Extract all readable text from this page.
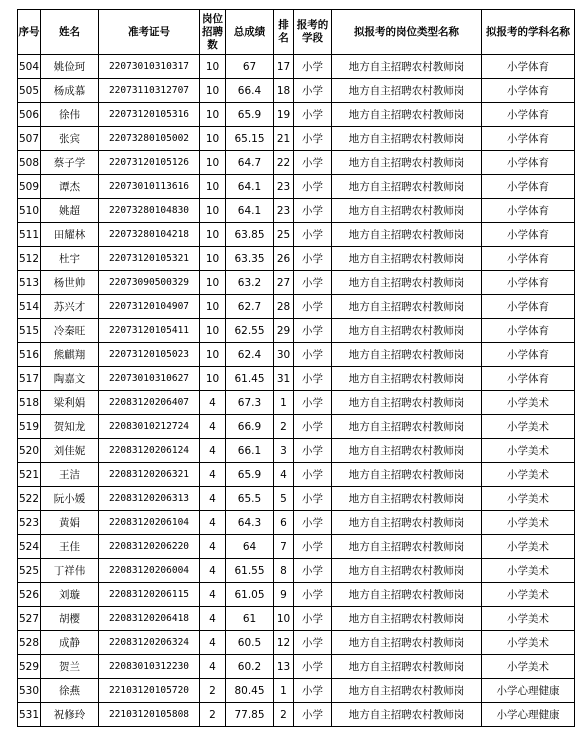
序号	姓名	准考证号	岗位招聘数	总成绩	排名	报考的学段	拟报考的岗位类型名称	拟报考的学科名称
504	姚俭珂	22073010310317	10	67	17	小学	地方自主招聘农村教师岗	小学体育
505	杨成慕	22073110312707	10	66.4	18	小学	地方自主招聘农村教师岗	小学体育
506	徐伟	22073120105316	10	65.9	19	小学	地方自主招聘农村教师岗	小学体育
507	张宾	22073280105002	10	65.15	21	小学	地方自主招聘农村教师岗	小学体育
508	蔡子学	22073120105126	10	64.7	22	小学	地方自主招聘农村教师岗	小学体育
509	谭杰	22073010113616	10	64.1	23	小学	地方自主招聘农村教师岗	小学体育
510	姚超	22073280104830	10	64.1	23	小学	地方自主招聘农村教师岗	小学体育
511	田耀林	22073280104218	10	63.85	25	小学	地方自主招聘农村教师岗	小学体育
512	杜宇	22073120105321	10	63.35	26	小学	地方自主招聘农村教师岗	小学体育
513	杨世帅	22073090500329	10	63.2	27	小学	地方自主招聘农村教师岗	小学体育
514	苏兴才	22073120104907	10	62.7	28	小学	地方自主招聘农村教师岗	小学体育
515	冷秦旺	22073120105411	10	62.55	29	小学	地方自主招聘农村教师岗	小学体育
516	熊麒翔	22073120105023	10	62.4	30	小学	地方自主招聘农村教师岗	小学体育
517	陶嘉文	22073010310627	10	61.45	31	小学	地方自主招聘农村教师岗	小学体育
518	梁利娟	22083120206407	4	67.3	1	小学	地方自主招聘农村教师岗	小学美术
519	贺知龙	22083010212724	4	66.9	2	小学	地方自主招聘农村教师岗	小学美术
520	刘佳妮	22083120206124	4	66.1	3	小学	地方自主招聘农村教师岗	小学美术
521	王洁	22083120206321	4	65.9	4	小学	地方自主招聘农村教师岗	小学美术
522	阮小媛	22083120206313	4	65.5	5	小学	地方自主招聘农村教师岗	小学美术
523	黄娟	22083120206104	4	64.3	6	小学	地方自主招聘农村教师岗	小学美术
524	王佳	22083120206220	4	64	7	小学	地方自主招聘农村教师岗	小学美术
525	丁祥伟	22083120206004	4	61.55	8	小学	地方自主招聘农村教师岗	小学美术
526	刘璇	22083120206115	4	61.05	9	小学	地方自主招聘农村教师岗	小学美术
527	胡樱	22083120206418	4	61	10	小学	地方自主招聘农村教师岗	小学美术
528	成静	22083120206324	4	60.5	12	小学	地方自主招聘农村教师岗	小学美术
529	贺兰	22083010312230	4	60.2	13	小学	地方自主招聘农村教师岗	小学美术
530	徐燕	22103120105720	2	80.45	1	小学	地方自主招聘农村教师岗	小学心理健康
531	祝修玲	22103120105808	2	77.85	2	小学	地方自主招聘农村教师岗	小学心理健康
